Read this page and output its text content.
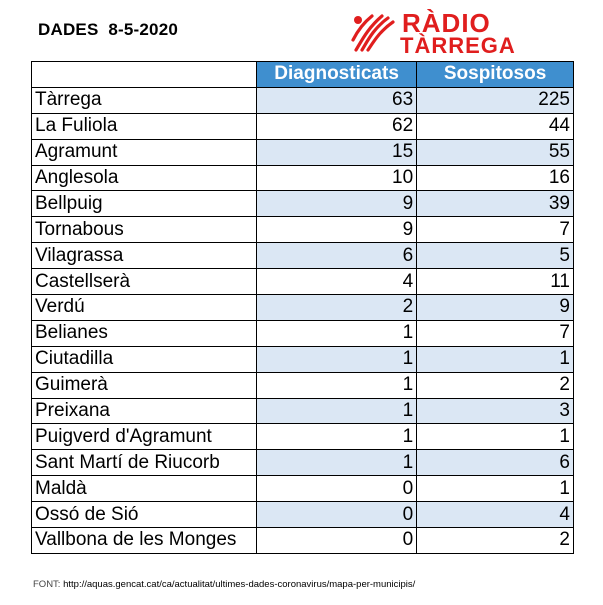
DADES  8-5-2020	RÀDIO
TÀRREGA
	Diagnosticats	Sospitosos
Tàrrega	63	225
La Fuliola	62	44
Agramunt	15	55
Anglesola	10	16
Bellpuig	9	39
Tornabous	9	7
Vilagrassa	6	5
Castellserà	4	11
Verdú	2	9
Belianes	1	7
Ciutadilla	1	1
Guimerà	1	2
Preixana	1	3
Puigverd d'Agramunt	1	1
Sant Martí de Riucorb	1	6
Maldà	0	1
Ossó de Sió	0	4
Vallbona de les Monges	0	2
FONT: http://aquas.gencat.cat/ca/actualitat/ultimes-dades-coronavirus/mapa-per-municipis/
